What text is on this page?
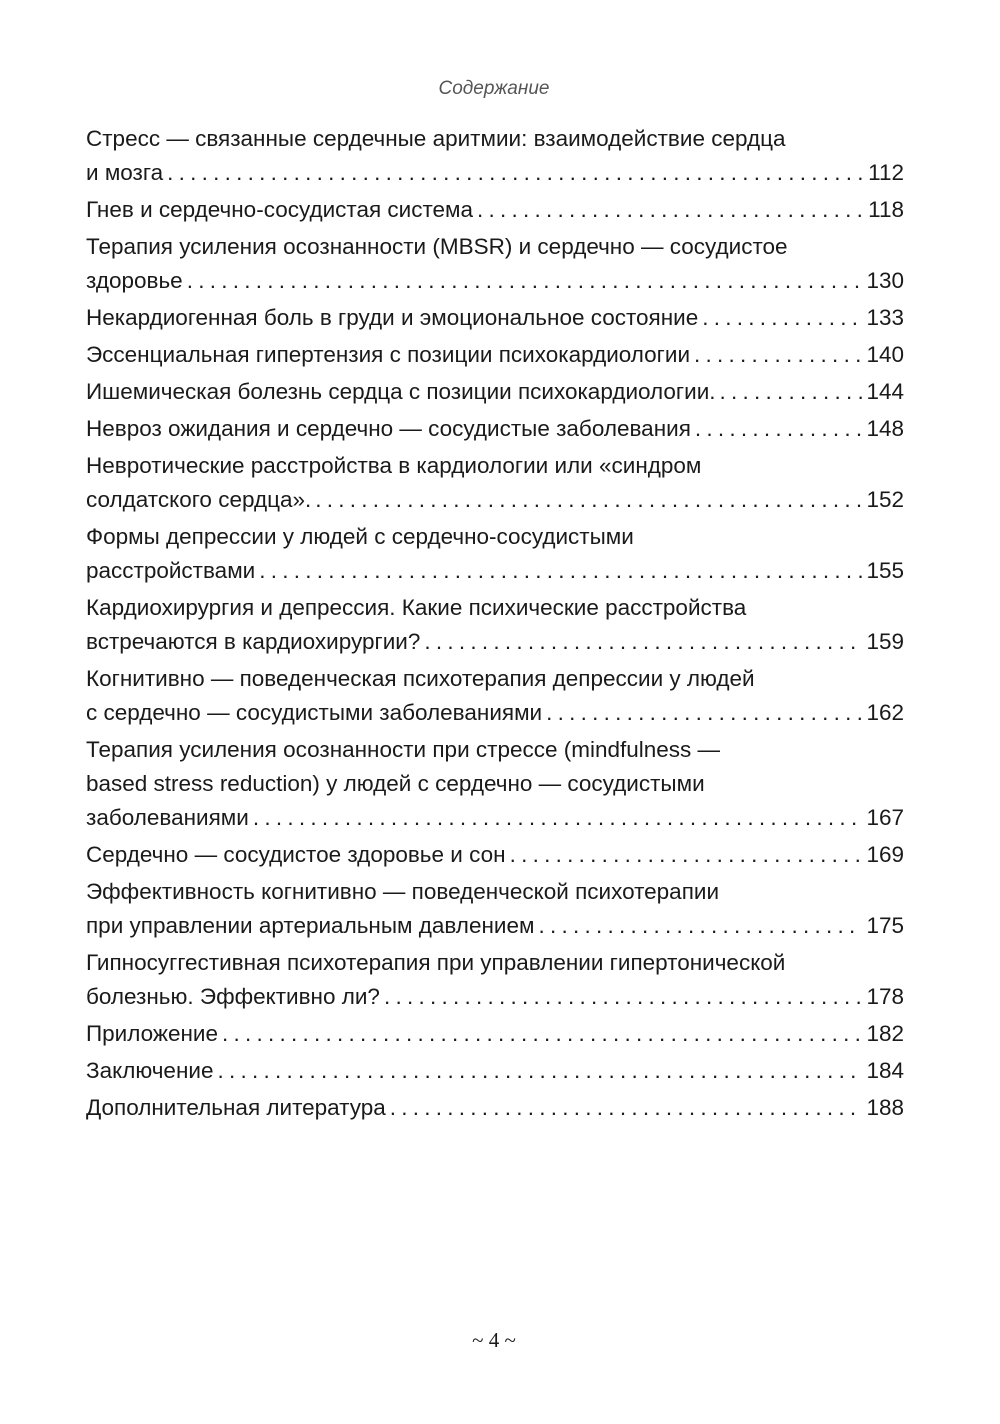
Содержание
Стресс — связанные сердечные аритмии: взаимодействие сердца
и мозга . . .	112
Гнев и сердечно-сосудистая система . . .	118
Терапия усиления осознанности (MBSR) и сердечно — сосудистое
здоровье . . .	130
Некардиогенная боль в груди и эмоциональное состояние . . .	133
Эссенциальная гипертензия с позиции психокардиологии . . .	140
Ишемическая болезнь сердца с позиции психокардиологии. . . .	144
Невроз ожидания и сердечно — сосудистые заболевания . . .	148
Невротические расстройства в кардиологии или «синдром
солдатского сердца». . . .	152
Формы депрессии у людей с сердечно-сосудистыми
расстройствами . . .	155
Кардиохирургия и депрессия. Какие психические расстройства
встречаются в кардиохирургии? . . .	159
Когнитивно — поведенческая психотерапия депрессии у людей
с сердечно — сосудистыми заболеваниями . . .	162
Терапия усиления осознанности при стрессе (mindfulness —
based stress reduction) у людей с сердечно — сосудистыми
заболеваниями . . .	167
Сердечно — сосудистое здоровье и сон . . .	169
Эффективность когнитивно — поведенческой психотерапии
при управлении артериальным давлением . . .	175
Гипносуггестивная психотерапия при управлении гипертонической
болезнью. Эффективно ли? . . .	178
Приложение . . .	182
Заключение . . .	184
Дополнительная литература . . .	188
~ 4 ~
